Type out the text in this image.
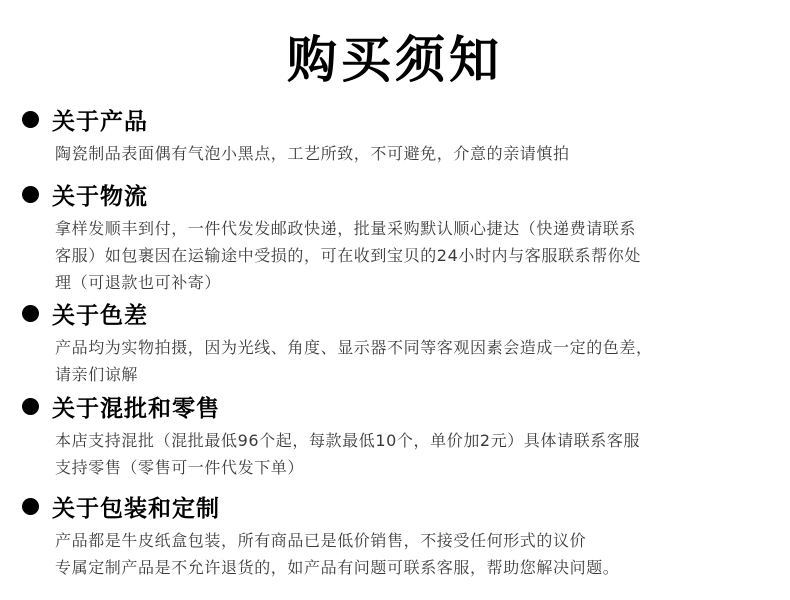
购买须知
关于产品
陶瓷制品表面偶有气泡小黑点，工艺所致，不可避免，介意的亲请慎拍
关于物流
拿样发顺丰到付，一件代发发邮政快递，批量采购默认顺心捷达（快递费请联系
客服）如包裹因在运输途中受损的，可在收到宝贝的24小时内与客服联系帮你处
理（可退款也可补寄）
关于色差
产品均为实物拍摄，因为光线、角度、显示器不同等客观因素会造成一定的色差，
请亲们谅解
关于混批和零售
本店支持混批（混批最低96个起，每款最低10个，单价加2元）具体请联系客服
支持零售（零售可一件代发下单）
关于包装和定制
产品都是牛皮纸盒包装，所有商品已是低价销售，不接受任何形式的议价
专属定制产品是不允许退货的，如产品有问题可联系客服，帮助您解决问题。
